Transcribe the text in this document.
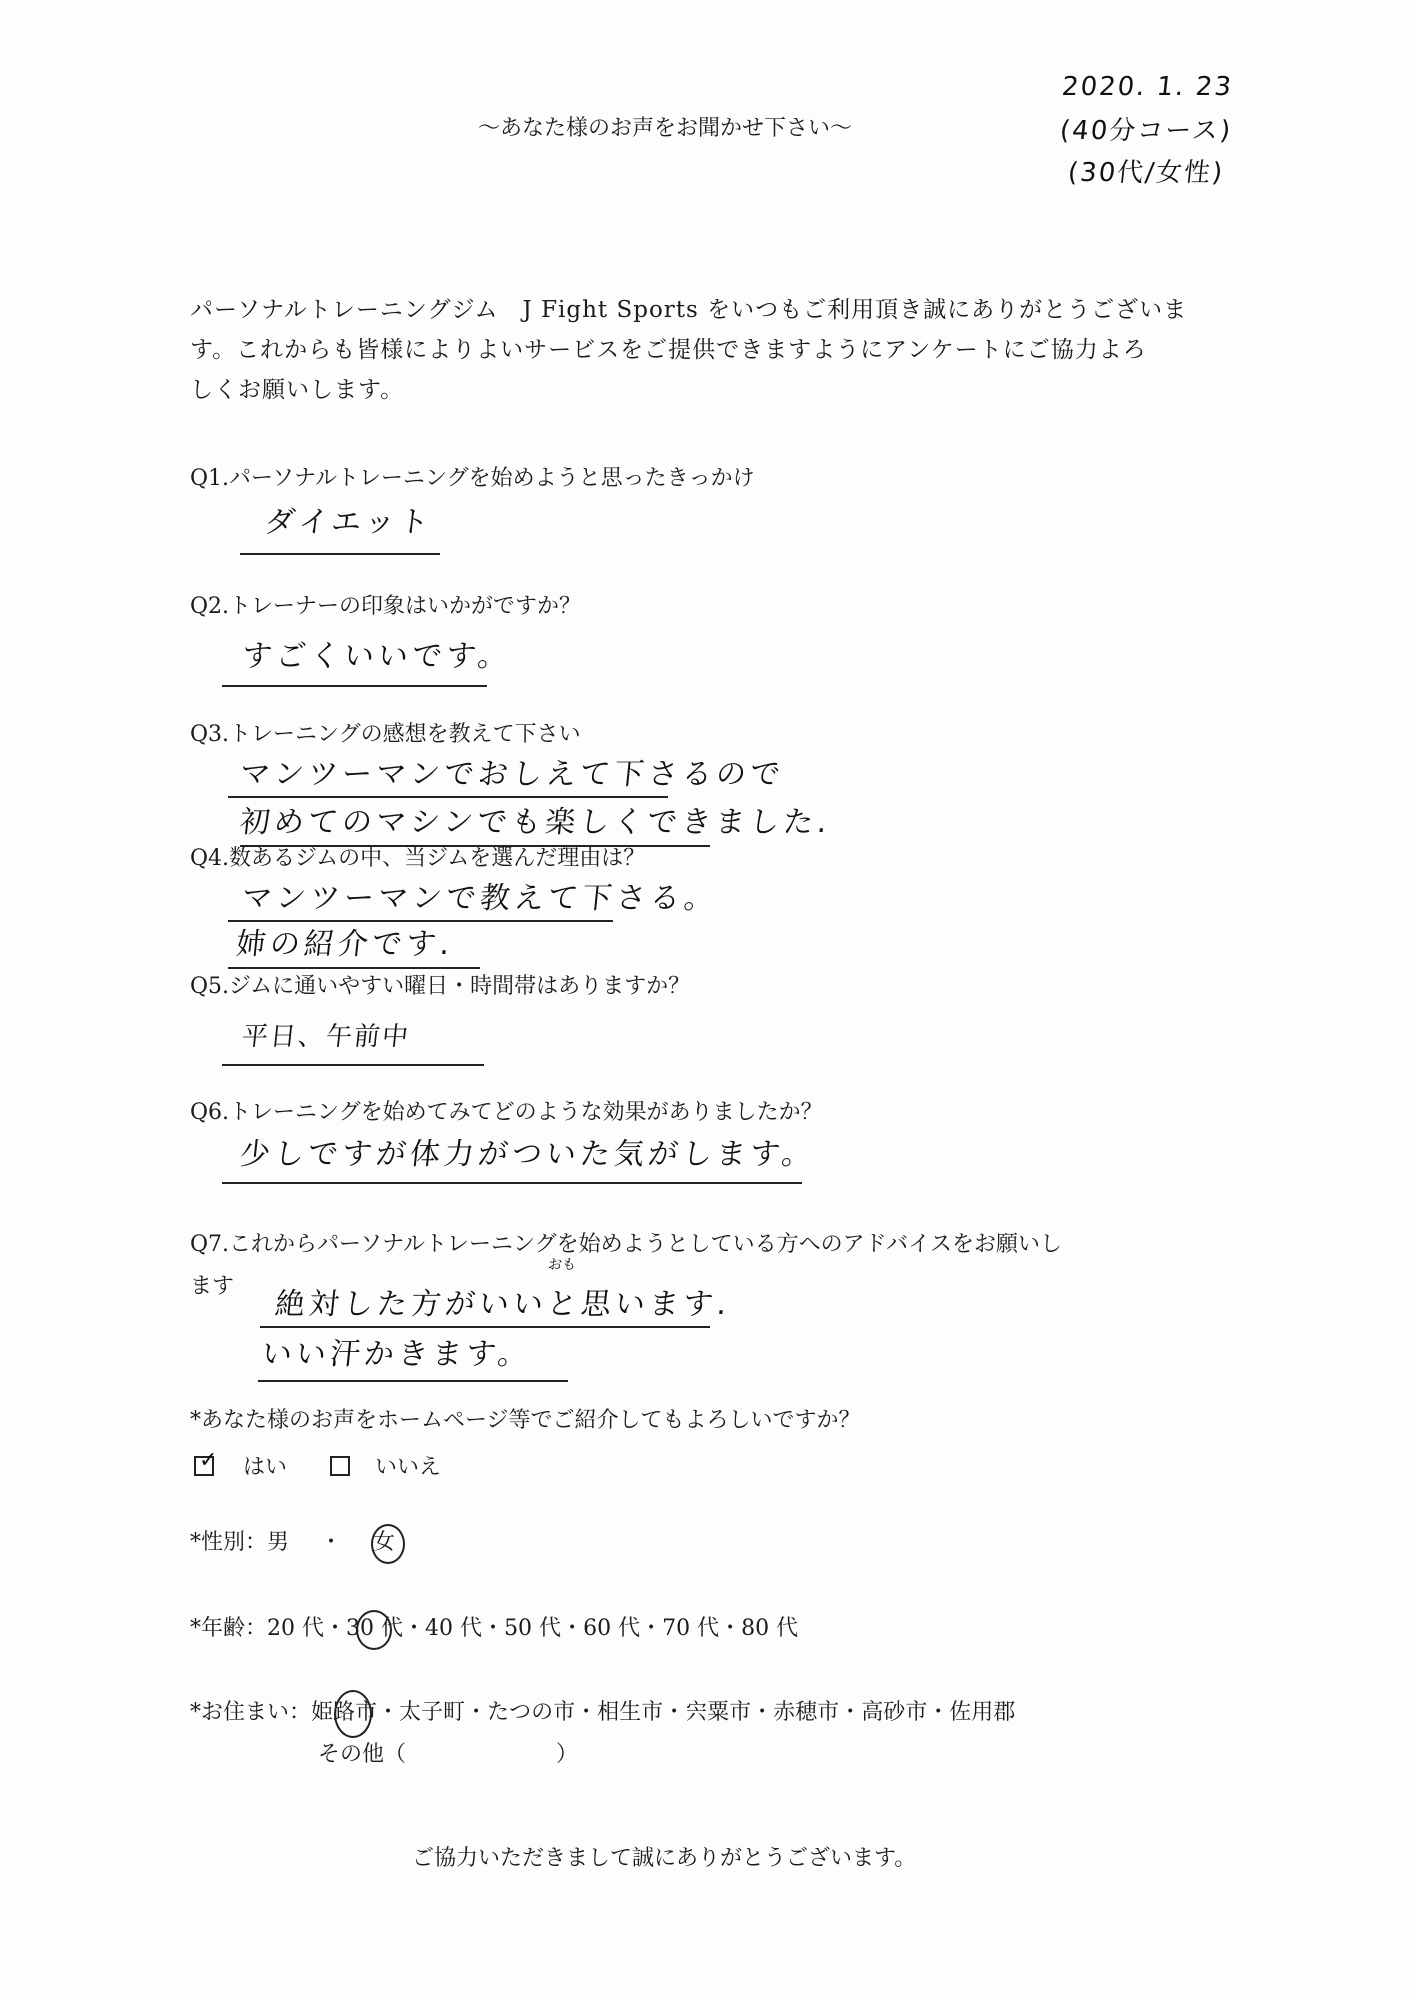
～あなた様のお声をお聞かせ下さい～
2020. 1. 23
(40分コース)
(30代/女性)

パーソナルトレーニングジム　J Fight Sports をいつもご利用頂き誠にありがとうございま

す。これからも皆様によりよいサービスをご提供できますようにアンケートにご協力よろ

しくお願いします。

Q1.パーソナルトレーニングを始めようと思ったきっかけ
ダイエット
Q2.トレーナーの印象はいかがですか？
すごくいいです。
Q3.トレーニングの感想を教えて下さい
マンツーマンでおしえて下さるので
初めてのマシンでも楽しくできました.
Q4.数あるジムの中、当ジムを選んだ理由は？
マンツーマンで教えて下さる。
姉の紹介です.
Q5.ジムに通いやすい曜日・時間帯はありますか？
平日、午前中
Q6.トレーニングを始めてみてどのような効果がありましたか？
少しですが体力がついた気がします。
Q7.これからパーソナルトレーニングを始めようとしている方へのアドバイスをお願いし
ます
おも
絶対した方がいいと思います.
いい汗かきます。
*あなた様のお声をホームページ等でご紹介してもよろしいですか？
✓ はい	いいえ
*性別：男 ・ 女
*年齢：20 代・30 代・40 代・50 代・60 代・70 代・80 代
*お住まい：姫路市・太子町・たつの市・相生市・宍粟市・赤穂市・高砂市・佐用郡
その他（	）
ご協力いただきまして誠にありがとうございます。
